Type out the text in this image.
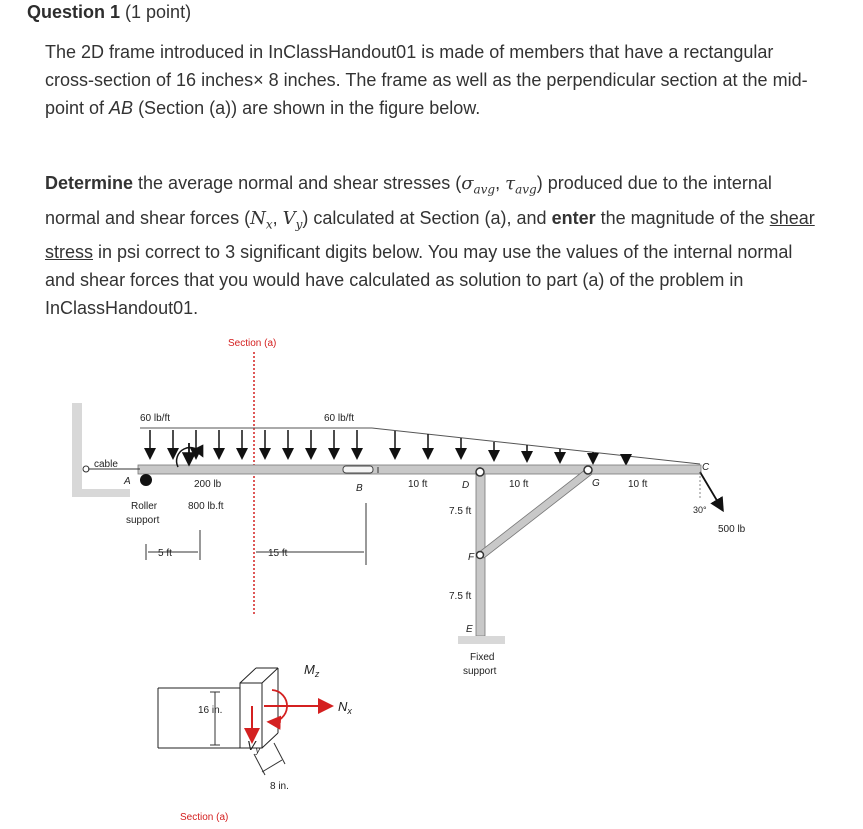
Question 1 (1 point)
The 2D frame introduced in InClassHandout01 is made of members that have a rectangular cross-section of 16 inches× 8 inches. The frame as well as the perpendicular section at the mid-point of AB (Section (a)) are shown in the figure below.
Determine the average normal and shear stresses ($\sigma_{avg}$, $\tau_{avg}$) produced due to the internal normal and shear forces ($N_x$, $V_y$) calculated at Section (a), and enter the magnitude of the shear stress in psi correct to 3 significant digits below. You may use the values of the internal normal and shear forces that you would have calculated as solution to part (a) of the problem in InClassHandout01.
Section (a)
60 lb/ft	60 lb/ft
cable
A
Roller
support
200 lb
800 lb.ft
B
5 ft	15 ft
10 ft	10 ft	10 ft
D	G
C
F
7.5 ft
7.5 ft
E
Fixed
support
30°
500 lb
16 in.
8 in.
$M_z$
$N_x$
$V_y$
Section (a)
